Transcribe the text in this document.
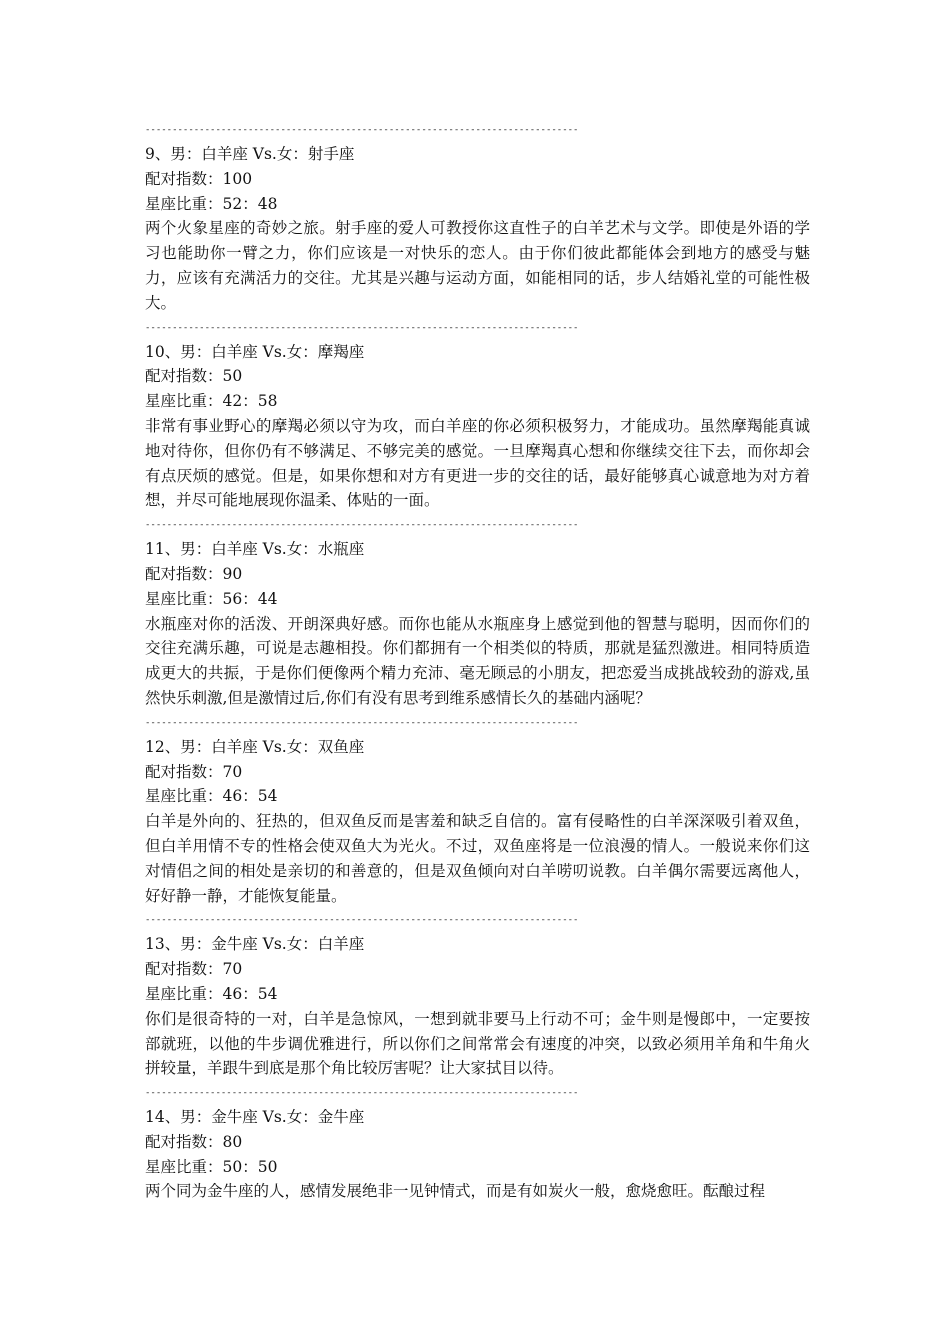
--------------------------------------------------------------------------------

9、男：白羊座 Vs.女：射手座

配对指数：100

星座比重：52：48

两个火象星座的奇妙之旅。射手座的爱人可教授你这直性子的白羊艺术与文学。即使是外语的学习也能助你一臂之力，你们应该是一对快乐的恋人。由于你们彼此都能体会到地方的感受与魅力，应该有充满活力的交往。尤其是兴趣与运动方面，如能相同的话，步人结婚礼堂的可能性极大。

--------------------------------------------------------------------------------

10、男：白羊座 Vs.女：摩羯座

配对指数：50

星座比重：42：58

非常有事业野心的摩羯必须以守为攻，而白羊座的你必须积极努力，才能成功。虽然摩羯能真诚地对待你，但你仍有不够满足、不够完美的感觉。一旦摩羯真心想和你继续交往下去，而你却会有点厌烦的感觉。但是，如果你想和对方有更进一步的交往的话，最好能够真心诚意地为对方着想，并尽可能地展现你温柔、体贴的一面。

--------------------------------------------------------------------------------

11、男：白羊座 Vs.女：水瓶座

配对指数：90

星座比重：56：44

水瓶座对你的活泼、开朗深典好感。而你也能从水瓶座身上感觉到他的智慧与聪明，因而你们的交往充满乐趣，可说是志趣相投。你们都拥有一个相类似的特质，那就是猛烈激进。相同特质造成更大的共振，于是你们便像两个精力充沛、毫无顾忌的小朋友，把恋爱当成挑战较劲的游戏,虽然快乐刺激,但是激情过后,你们有没有思考到维系感情长久的基础内涵呢？

--------------------------------------------------------------------------------

12、男：白羊座 Vs.女：双鱼座

配对指数：70

星座比重：46：54

白羊是外向的、狂热的，但双鱼反而是害羞和缺乏自信的。富有侵略性的白羊深深吸引着双鱼，但白羊用情不专的性格会使双鱼大为光火。不过，双鱼座将是一位浪漫的情人。一般说来你们这对情侣之间的相处是亲切的和善意的，但是双鱼倾向对白羊唠叨说教。白羊偶尔需要远离他人，好好静一静，才能恢复能量。

--------------------------------------------------------------------------------

13、男：金牛座 Vs.女：白羊座

配对指数：70

星座比重：46：54

你们是很奇特的一对，白羊是急惊风，一想到就非要马上行动不可；金牛则是慢郎中，一定要按部就班，以他的牛步调优雅进行，所以你们之间常常会有速度的冲突，以致必须用羊角和牛角火拼较量，羊跟牛到底是那个角比较厉害呢？让大家拭目以待。

--------------------------------------------------------------------------------

14、男：金牛座 Vs.女：金牛座

配对指数：80

星座比重：50：50

两个同为金牛座的人，感情发展绝非一见钟情式，而是有如炭火一般，愈烧愈旺。酝酿过程
